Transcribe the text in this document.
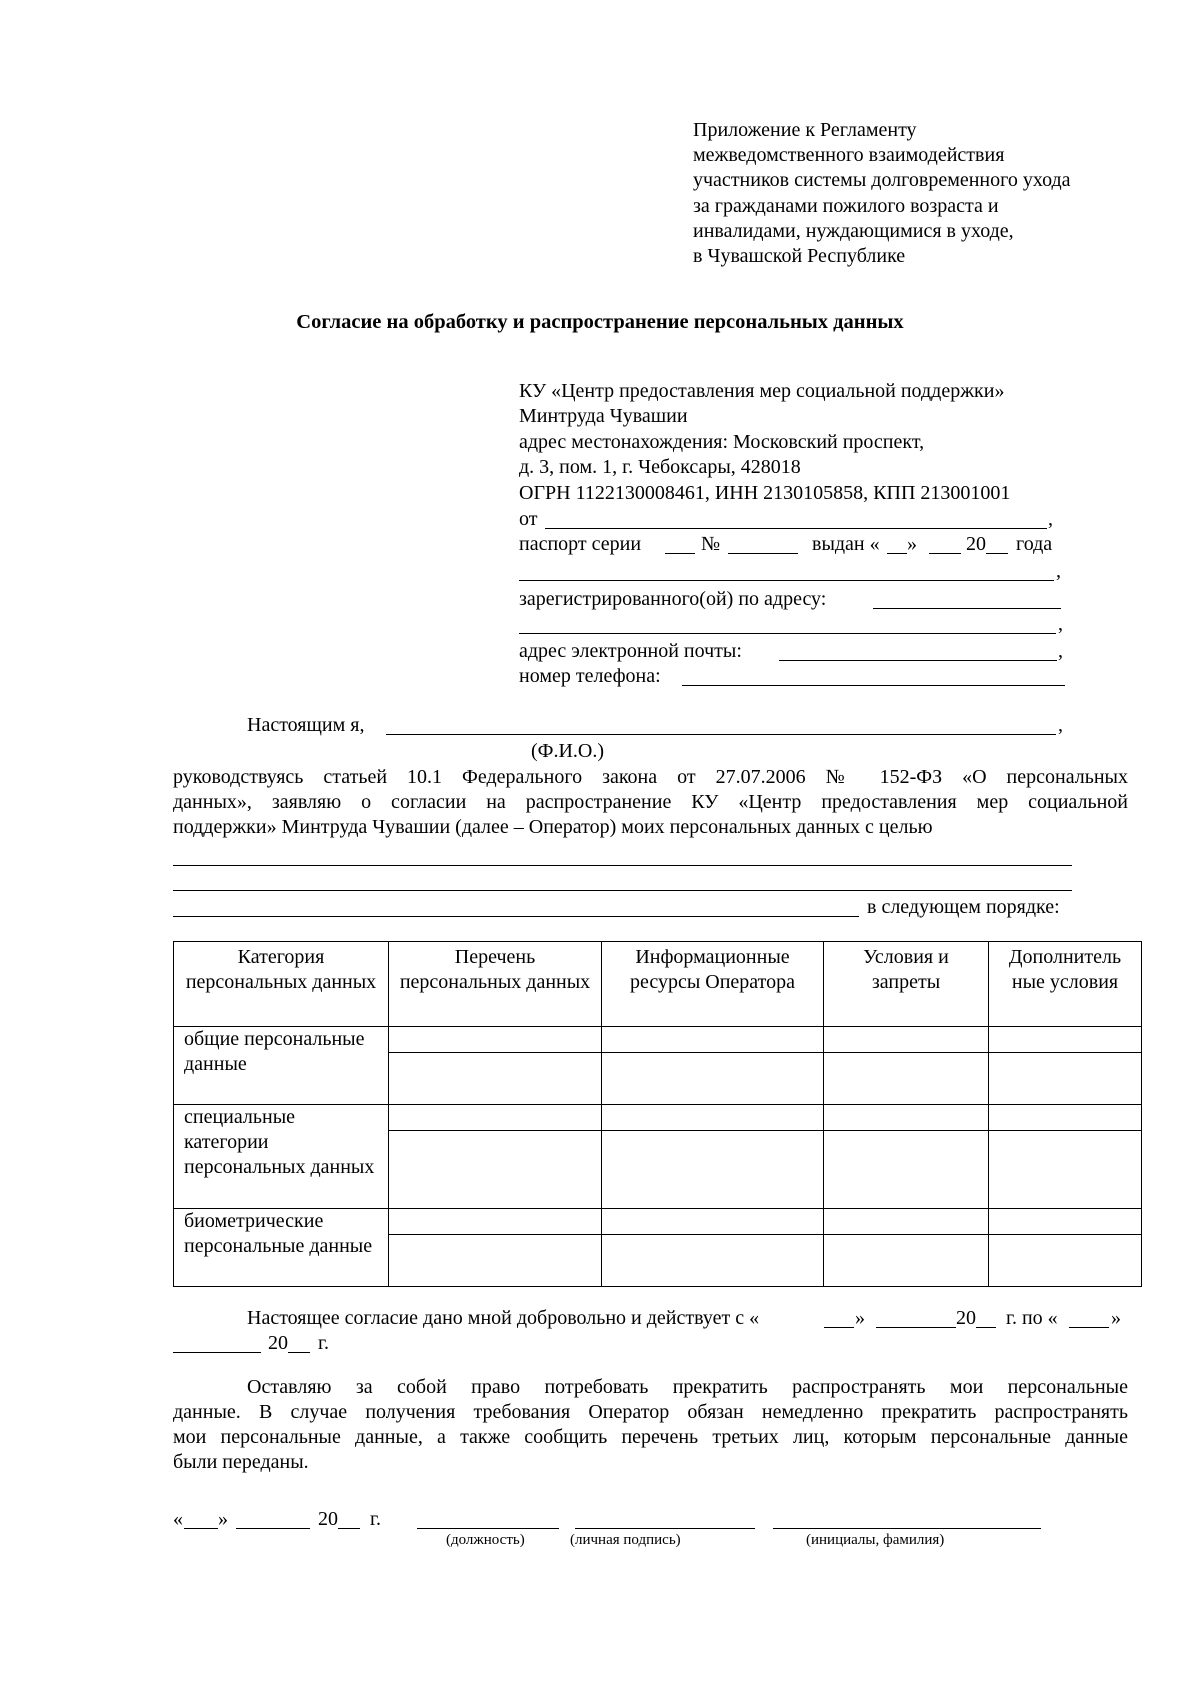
Приложение к Регламенту
межведомственного взаимодействия
участников системы долговременного ухода
за гражданами пожилого возраста и
инвалидами, нуждающимися в уходе,
в Чувашской Республике
Согласие на обработку и распространение персональных данных
КУ «Центр предоставления мер социальной поддержки»
Минтруда Чувашии
адрес местонахождения: Московский проспект,
д. 3, пом. 1, г. Чебоксары, 428018
ОГРН 1122130008461, ИНН 2130105858, КПП 213001001
от	,
паспорт серии	№	выдан « » 20 года
,
зарегистрированного(ой) по адресу:
,
адрес электронной почты:	,
номер телефона:
Настоящим я,	,
(Ф.И.О.)
руководствуясь статьей 10.1 Федерального закона от 27.07.2006 № 152-ФЗ «О персональных
данных», заявляю о согласии на распространение КУ «Центр предоставления мер социальной
поддержки» Минтруда Чувашии (далее – Оператор) моих персональных данных с целью
в следующем порядке:
Категория персональных данных	Перечень персональных данных	Информационные ресурсы Оператора	Условия и запреты	Дополнитель ные условия
общие персональные данные				

специальные категории персональных данных				

биометрические персональные данные				

Настоящее согласие дано мной добровольно и действует с «	»	20 г. по «	»
20 г.
Оставляю за собой право потребовать прекратить распространять мои персональные
данные. В случае получения требования Оператор обязан немедленно прекратить распространять
мои персональные данные, а также сообщить перечень третьих лиц, которым персональные данные
были переданы.
« »	20 г.
(должность)	(личная подпись)	(инициалы, фамилия)
